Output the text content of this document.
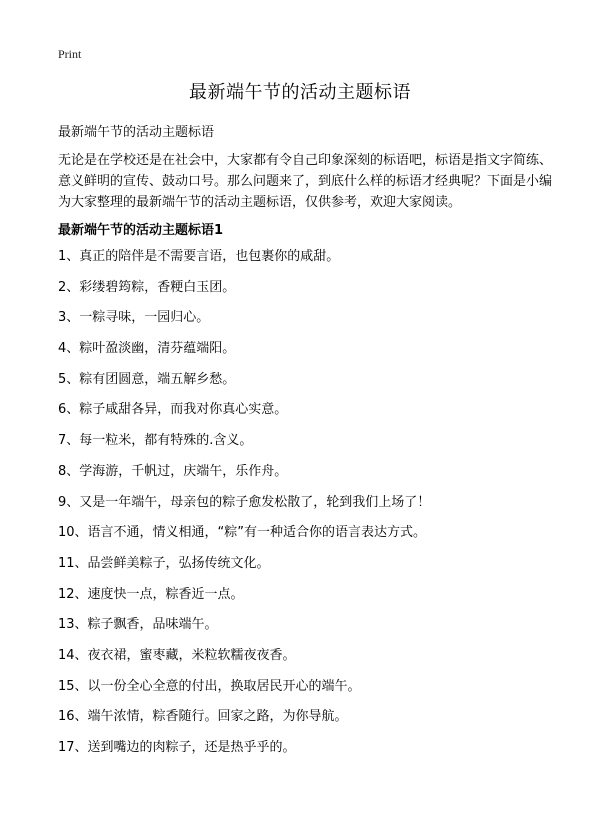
Print
最新端午节的活动主题标语

最新端午节的活动主题标语

无论是在学校还是在社会中，大家都有令自己印象深刻的标语吧，标语是指文字简练、意义鲜明的宣传、鼓动口号。那么问题来了，到底什么样的标语才经典呢？下面是小编为大家整理的最新端午节的活动主题标语，仅供参考，欢迎大家阅读。

最新端午节的活动主题标语1
1、真正的陪伴是不需要言语，也包裹你的咸甜。
2、彩缕碧筠粽，香粳白玉团。
3、一粽寻味，一园归心。
4、粽叶盈淡幽，清芬蕴端阳。
5、粽有团圆意，端五解乡愁。
6、粽子咸甜各异，而我对你真心实意。
7、每一粒米，都有特殊的.含义。
8、学海游，千帆过，庆端午，乐作舟。
9、又是一年端午，母亲包的粽子愈发松散了，轮到我们上场了！
10、语言不通，情义相通，“粽”有一种适合你的语言表达方式。
11、品尝鲜美粽子，弘扬传统文化。
12、速度快一点，粽香近一点。
13、粽子飘香，品味端午。
14、夜衣裙，蜜枣藏，米粒软糯夜夜香。
15、以一份全心全意的付出，换取居民开心的端午。
16、端午浓情，粽香随行。回家之路，为你导航。
17、送到嘴边的肉粽子，还是热乎乎的。
